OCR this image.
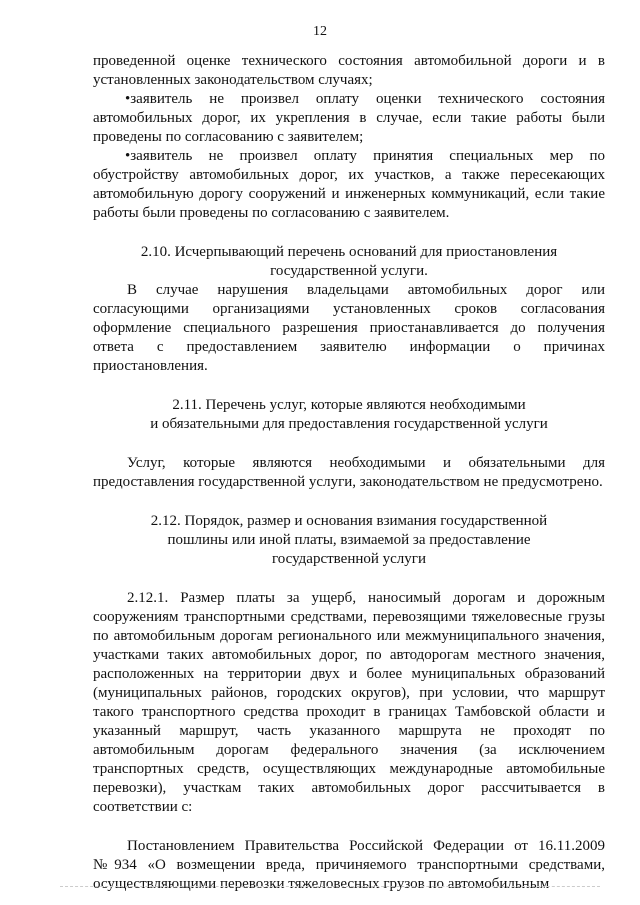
12

проведенной оценке технического состояния автомобильной дороги и в установленных законодательством случаях;

•заявитель не произвел оплату оценки технического состояния автомобильных дорог, их укрепления в случае, если такие работы были проведены по согласованию с заявителем;

•заявитель не произвел оплату принятия специальных мер по обустройству автомобильных дорог, их участков, а также пересекающих автомобильную дорогу сооружений и инженерных коммуникаций, если такие работы были проведены по согласованию с заявителем.

2.10. Исчерпывающий перечень оснований для приостановления

государственной услуги.

В случае нарушения владельцами автомобильных дорог или согласующими организациями установленных сроков согласования оформление специального разрешения приостанавливается до получения ответа с предоставлением заявителю информации о причинах приостановления.

2.11. Перечень услуг, которые являются необходимыми

и обязательными для предоставления государственной услуги

Услуг, которые являются необходимыми и обязательными для предоставления государственной услуги, законодательством не предусмотрено.

2.12. Порядок, размер и основания взимания государственной

пошлины или иной платы, взимаемой за предоставление

государственной услуги

2.12.1. Размер платы за ущерб, наносимый дорогам и дорожным сооружениям транспортными средствами, перевозящими тяжеловесные грузы по автомобильным дорогам регионального или межмуниципального значения, участками таких автомобильных дорог, по автодорогам местного значения, расположенных на территории двух и более муниципальных образований (муниципальных районов, городских округов), при условии, что маршрут такого транспортного средства проходит в границах Тамбовской области и указанный маршрут, часть указанного маршрута не проходят по автомобильным дорогам федерального значения (за исключением транспортных средств, осуществляющих международные автомобильные перевозки), участкам таких автомобильных дорог рассчитывается в соответствии с:

Постановлением Правительства Российской Федерации от 16.11.2009 №934 «О возмещении вреда, причиняемого транспортными средствами, осуществляющими перевозки тяжеловесных грузов по автомобильным
